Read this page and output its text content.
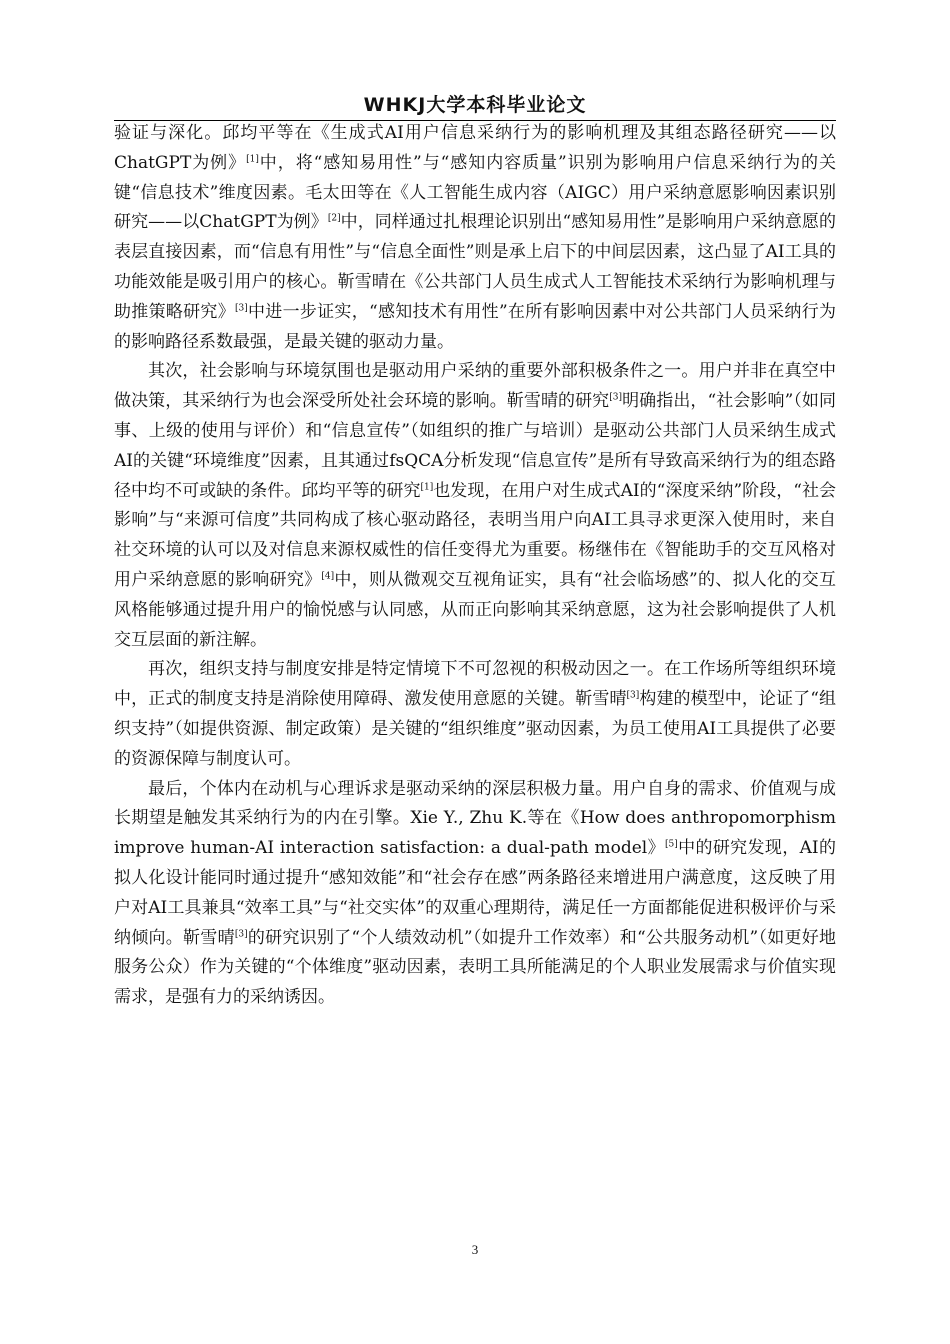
WHKJ大学本科毕业论文

验证与深化。邱均平等在《生成式AI用户信息采纳行为的影响机理及其组态路径研究——以ChatGPT为例》[1]中，将“感知易用性”与“感知内容质量”识别为影响用户信息采纳行为的关键“信息技术”维度因素。毛太田等在《人工智能生成内容（AIGC）用户采纳意愿影响因素识别研究——以ChatGPT为例》[2]中，同样通过扎根理论识别出“感知易用性”是影响用户采纳意愿的表层直接因素，而“信息有用性”与“信息全面性”则是承上启下的中间层因素，这凸显了AI工具的功能效能是吸引用户的核心。靳雪晴在《公共部门人员生成式人工智能技术采纳行为影响机理与助推策略研究》[3]中进一步证实，“感知技术有用性”在所有影响因素中对公共部门人员采纳行为的影响路径系数最强，是最关键的驱动力量。

其次，社会影响与环境氛围也是驱动用户采纳的重要外部积极条件之一。用户并非在真空中做决策，其采纳行为也会深受所处社会环境的影响。靳雪晴的研究[3]明确指出，“社会影响”（如同事、上级的使用与评价）和“信息宣传”（如组织的推广与培训）是驱动公共部门人员采纳生成式AI的关键“环境维度”因素，且其通过fsQCA分析发现“信息宣传”是所有导致高采纳行为的组态路径中均不可或缺的条件。邱均平等的研究[1]也发现，在用户对生成式AI的“深度采纳”阶段，“社会影响”与“来源可信度”共同构成了核心驱动路径，表明当用户向AI工具寻求更深入使用时，来自社交环境的认可以及对信息来源权威性的信任变得尤为重要。杨继伟在《智能助手的交互风格对用户采纳意愿的影响研究》[4]中，则从微观交互视角证实，具有“社会临场感”的、拟人化的交互风格能够通过提升用户的愉悦感与认同感，从而正向影响其采纳意愿，这为社会影响提供了人机交互层面的新注解。

再次，组织支持与制度安排是特定情境下不可忽视的积极动因之一。在工作场所等组织环境中，正式的制度支持是消除使用障碍、激发使用意愿的关键。靳雪晴[3]构建的模型中，论证了“组织支持”（如提供资源、制定政策）是关键的“组织维度”驱动因素，为员工使用AI工具提供了必要的资源保障与制度认可。

最后，个体内在动机与心理诉求是驱动采纳的深层积极力量。用户自身的需求、价值观与成长期望是触发其采纳行为的内在引擎。Xie Y., Zhu K.等在《How does anthropomorphism improve human-AI interaction satisfaction: a dual-path model》[5]中的研究发现，AI的拟人化设计能同时通过提升“感知效能”和“社会存在感”两条路径来增进用户满意度，这反映了用户对AI工具兼具“效率工具”与“社交实体”的双重心理期待，满足任一方面都能促进积极评价与采纳倾向。靳雪晴[3]的研究识别了“个人绩效动机”（如提升工作效率）和“公共服务动机”（如更好地服务公众）作为关键的“个体维度”驱动因素，表明工具所能满足的个人职业发展需求与价值实现需求，是强有力的采纳诱因。

3
